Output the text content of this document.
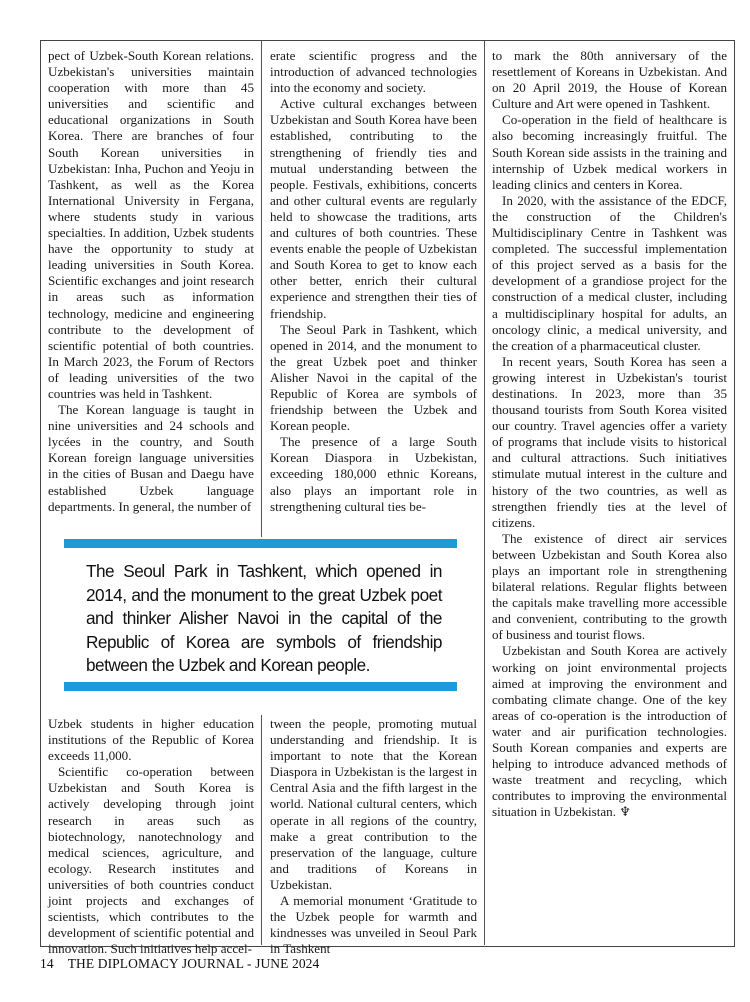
pect of Uzbek-South Korean relations. Uzbekistan's universities maintain cooperation with more than 45 universities and scientific and educational organizations in South Korea. There are branches of four South Korean universities in Uzbekistan: Inha, Puchon and Yeoju in Tashkent, as well as the Korea International University in Fergana, where students study in various specialties. In addition, Uzbek students have the opportunity to study at leading universities in South Korea. Scientific exchanges and joint research in areas such as information technology, medicine and engineering contribute to the development of scientific potential of both countries. In March 2023, the Forum of Rectors of leading universities of the two countries was held in Tashkent.

The Korean language is taught in nine universities and 24 schools and lycées in the country, and South Korean foreign language universities in the cities of Busan and Daegu have established Uzbek language departments. In general, the number of

erate scientific progress and the introduction of advanced technologies into the economy and society.

Active cultural exchanges between Uzbekistan and South Korea have been established, contributing to the strengthening of friendly ties and mutual understanding between the people. Festivals, exhibitions, concerts and other cultural events are regularly held to showcase the traditions, arts and cultures of both countries. These events enable the people of Uzbekistan and South Korea to get to know each other better, enrich their cultural experience and strengthen their ties of friendship.

The Seoul Park in Tashkent, which opened in 2014, and the monument to the great Uzbek poet and thinker Alisher Navoi in the capital of the Republic of Korea are symbols of friendship between the Uzbek and Korean people.

The presence of a large South Korean Diaspora in Uzbekistan, exceeding 180,000 ethnic Koreans, also plays an important role in strengthening cultural ties be-

to mark the 80th anniversary of the resettlement of Koreans in Uzbekistan. And on 20 April 2019, the House of Korean Culture and Art were opened in Tashkent.

Co-operation in the field of healthcare is also becoming increasingly fruitful. The South Korean side assists in the training and internship of Uzbek medical workers in leading clinics and centers in Korea.

In 2020, with the assistance of the EDCF, the construction of the Children's Multidisciplinary Centre in Tashkent was completed. The successful implementation of this project served as a basis for the development of a grandiose project for the construction of a medical cluster, including a multidisciplinary hospital for adults, an oncology clinic, a medical university, and the creation of a pharmaceutical cluster.

In recent years, South Korea has seen a growing interest in Uzbekistan's tourist destinations. In 2023, more than 35 thousand tourists from South Korea visited our country. Travel agencies offer a variety of programs that include visits to historical and cultural attractions. Such initiatives stimulate mutual interest in the culture and history of the two countries, as well as strengthen friendly ties at the level of citizens.

The existence of direct air services between Uzbekistan and South Korea also plays an important role in strengthening bilateral relations. Regular flights between the capitals make travelling more accessible and convenient, contributing to the growth of business and tourist flows.

Uzbekistan and South Korea are actively working on joint environmental projects aimed at improving the environment and combating climate change. One of the key areas of co-operation is the introduction of water and air purification technologies. South Korean companies and experts are helping to introduce advanced methods of waste treatment and recycling, which contributes to improving the environmental situation in Uzbekistan. ♆

Uzbek students in higher education institutions of the Republic of Korea exceeds 11,000.

Scientific co-operation between Uzbekistan and South Korea is actively developing through joint research in areas such as biotechnology, nanotechnology and medical sciences, agriculture, and ecology. Research institutes and universities of both countries conduct joint projects and exchanges of scientists, which contributes to the development of scientific potential and innovation. Such initiatives help accel-

tween the people, promoting mutual understanding and friendship. It is important to note that the Korean Diaspora in Uzbekistan is the largest in Central Asia and the fifth largest in the world. National cultural centers, which operate in all regions of the country, make a great contribution to the preservation of the language, culture and traditions of Koreans in Uzbekistan.

A memorial monument ‘Gratitude to the Uzbek people for warmth and kindnesses was unveiled in Seoul Park in Tashkent

The Seoul Park in Tashkent, which opened in 2014, and the monument to the great Uzbek poet and thinker Alisher Navoi in the capital of the Republic of Korea are symbols of friendship between the Uzbek and Korean people.
14 THE DIPLOMACY JOURNAL - JUNE 2024
